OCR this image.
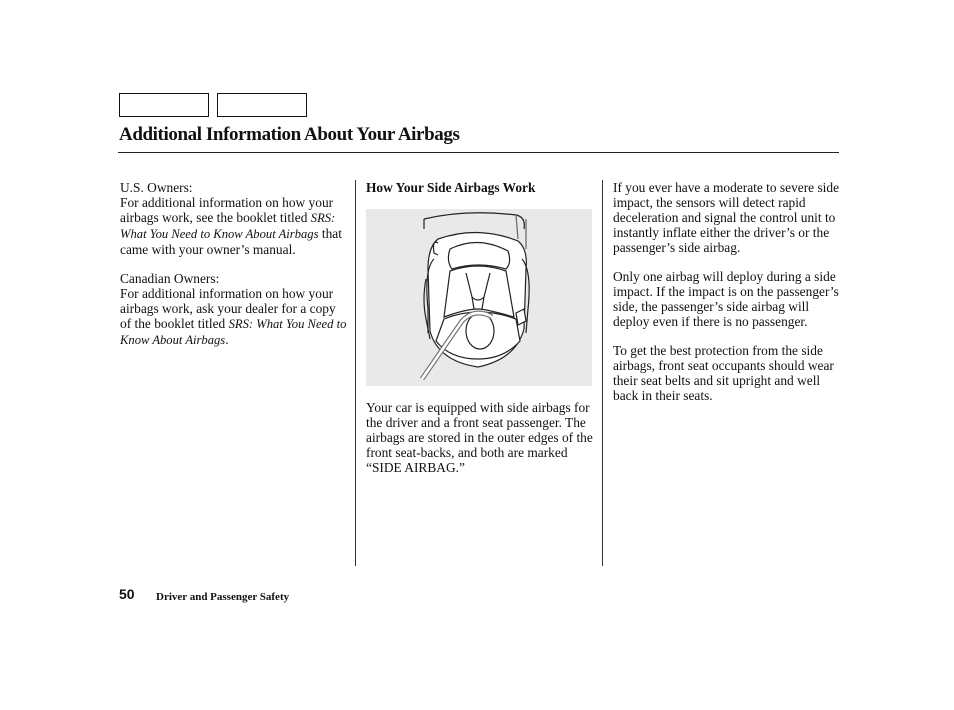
Additional Information About Your Airbags

U.S. Owners:
For additional information on how your airbags work, see the booklet titled SRS: What You Need to Know About Airbags that came with your owner’s manual.

Canadian Owners:
For additional information on how your airbags work, ask your dealer for a copy of the booklet titled SRS: What You Need to Know About Airbags.

How Your Side Airbags Work

Your car is equipped with side airbags for the driver and a front seat passenger. The airbags are stored in the outer edges of the front seat-backs, and both are marked “SIDE AIRBAG.”

If you ever have a moderate to severe side impact, the sensors will detect rapid deceleration and signal the control unit to instantly inflate either the driver’s or the passenger’s side airbag.

Only one airbag will deploy during a side impact. If the impact is on the passenger’s side, the passenger’s side airbag will deploy even if there is no passenger.

To get the best protection from the side airbags, front seat occupants should wear their seat belts and sit upright and well back in their seats.

50 Driver and Passenger Safety
